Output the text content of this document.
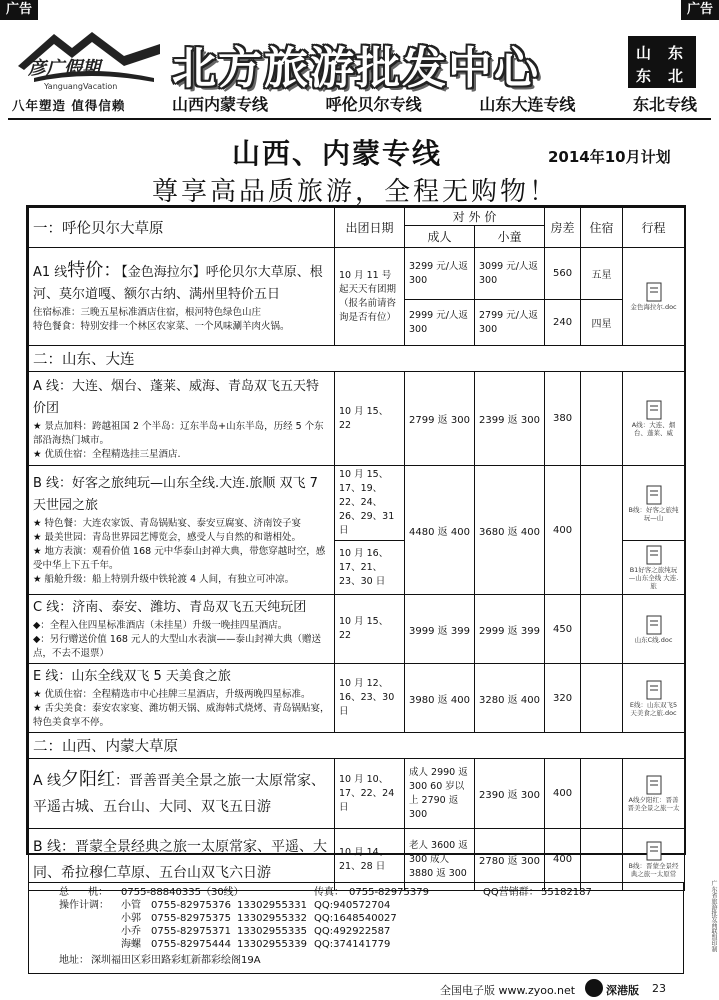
广告	广告
彦广假期
YanguangVacation
八年塑造 值得信赖
北方旅游批发中心	山 东
东 北
山西内蒙专线	呼伦贝尔专线	山东大连专线	东北专线
山西、内蒙专线	2014年10月计划
尊享高品质旅游，全程无购物！
一：呼伦贝尔大草原	出团日期	对 外 价		房差	住宿	行程
		成人	小童			

A1 线特价：【金色海拉尔】呼伦贝尔大草原、根河、莫尔道嘎、额尔古纳、满州里特价五日
住宿标准：三晚五星标准酒店住宿，根河特色绿色山庄
特色餐食：特别安排一个林区农家菜、一个风味涮羊肉火锅。	10 月 11 号起天天有团期（报名前请咨询是否有位）	3299 元/人返 300	3099 元/人返 300	560	五星	金色海拉尔.doc

		2999 元/人返 300	2799 元/人返 300	240	四星	
二：山东、大连						

A 线：大连、烟台、蓬莱、威海、青岛双飞五天特价团
★ 景点加料：跨越祖国 2 个半岛：辽东半岛+山东半岛，历经 5 个东部沿海热门城市。
★ 优质住宿：全程精选挂三星酒店.	10 月 15、22	2799 返 300	2399 返 300	380		A线：大连、烟台、蓬莱、威

B 线：好客之旅纯玩—山东全线.大连.旅顺 双飞 7天世园之旅
★ 特色餐：大连农家饭、青岛锅贴宴、泰安豆腐宴、济南饺子宴
★ 最美世园：青岛世界园艺博览会，感受人与自然的和谐相处。
★ 地方表演：观看价值 168 元中华泰山封禅大典，带您穿越时空，感受中华上下五千年。
★ 船舱升级：船上特别升级中铁轮渡 4 人间，有独立可冲凉。	10 月 15、17、19、22、24、26、29、31 日	4480 返 400	3680 返 400	400		B线：好客之旅纯玩—山

	10 月 16、17、21、23、30 日					B1好客之旅纯玩—山东全线 大连.旅

C 线：济南、泰安、潍坊、青岛双飞五天纯玩团
◆：全程入住四星标准酒店（未挂星）升级一晚挂四星酒店。
◆：另行赠送价值 168 元人的大型山水表演——泰山封禅大典（赠送点，不去不退票）	10 月 15、22	3999 返 399	2999 返 399	450		山东C线.doc

E 线：山东全线双飞 5 天美食之旅
★ 优质住宿：全程精选市中心挂牌三星酒店，升级两晚四星标准。
★ 舌尖美食：泰安农家宴、潍坊朝天锅、威海韩式烧烤、青岛锅贴宴，特色美食享不停。	10 月 12、16、23、30 日	3980 返 400	3280 返 400	320		E线：山东双飞5天美食之旅.doc

二：山西、内蒙大草原						

A 线夕阳红：晋善晋美全景之旅一太原常家、平遥古城、五台山、大同、双飞五日游	10 月 10、17、22、24 日	成人 2990 返 300 60 岁以上 2790 返 300	2390 返 300	400		A线夕阳红：晋善晋美全景之旅一太

B 线：晋蒙全景经典之旅一太原常家、平遥、大同、希拉穆仁草原、五台山双飞六日游	10 月 14、21、28 日	老人 3600 返 300 成人 3880 返 300	2780 返 300	400		B线：晋蒙全景经典之旅一太原常
总      机： 0755-88840335（30线）	传真： 0755-82975379	QQ营销群： 55182187
操作计调： 小管 0755-82975376 13302955331 QQ:940572704
小郭 0755-82975375 13302955332 QQ:1648540027
小乔 0755-82975371 13302955335 QQ:492922587
海螺 0755-82975444 13302955339 QQ:374141779
地址： 深圳福田区彩田路彩虹新都彩绘阁19A
全国电子版 www.zyoo.net	深港版 23
广东省旅游批发商联盟印制
